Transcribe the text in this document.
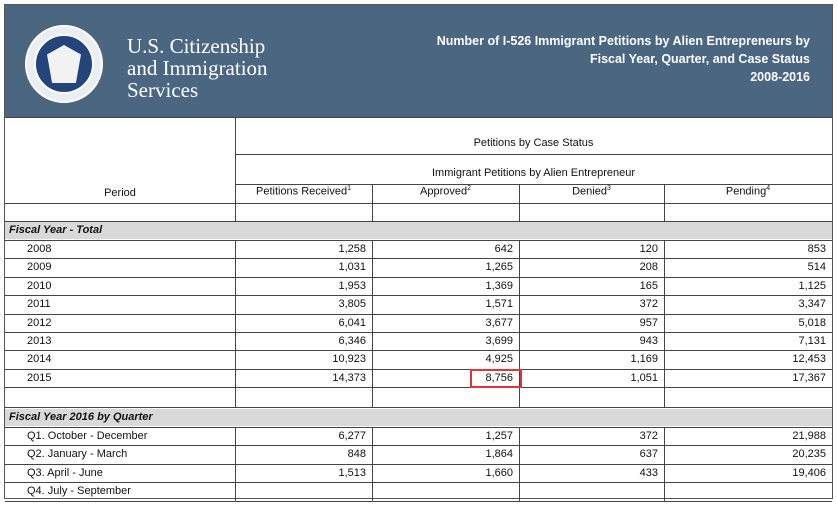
U.S. Citizenship
and Immigration
Services
Number of I-526 Immigrant Petitions by Alien Entrepreneurs by
Fiscal Year, Quarter, and Case Status
2008-2016
Petitions by Case Status
Immigrant Petitions by Alien Entrepreneur
Period	Petitions Received$^1$	Approved$^2$	Denied$^3$	Pending$^4$
Fiscal Year - Total
Fiscal Year 2016 by Quarter
2008	1,258	642	120	853
2009	1,031	1,265	208	514
2010	1,953	1,369	165	1,125
2011	3,805	1,571	372	3,347
2012	6,041	3,677	957	5,018
2013	6,346	3,699	943	7,131
2014	10,923	4,925	1,169	12,453
2015	14,373	8,756	1,051	17,367
Q1. October - December	6,277	1,257	372	21,988
Q2. January - March	848	1,864	637	20,235
Q3. April - June	1,513	1,660	433	19,406
Q4. July - September
